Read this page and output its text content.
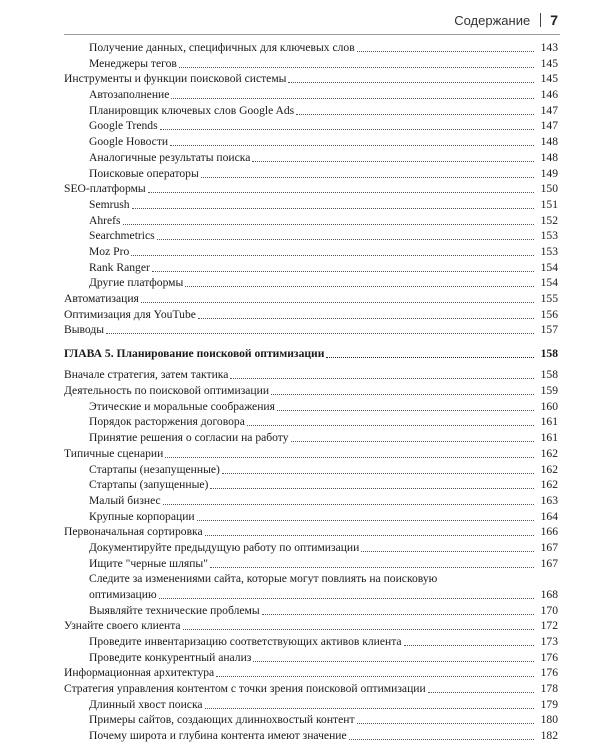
Содержание 7
Получение данных, специфичных для ключевых слов	143
Менеджеры тегов	145
Инструменты и функции поисковой системы	145
Автозаполнение	146
Планировщик ключевых слов Google Ads	147
Google Trends	147
Google Новости	148
Аналогичные результаты поиска	148
Поисковые операторы	149
SEO-платформы	150
Semrush	151
Ahrefs	152
Searchmetrics	153
Moz Pro	153
Rank Ranger	154
Другие платформы	154
Автоматизация	155
Оптимизация для YouTube	156
Выводы	157
ГЛАВА 5. Планирование поисковой оптимизации	158
Вначале стратегия, затем тактика	158
Деятельность по поисковой оптимизации	159
Этические и моральные соображения	160
Порядок расторжения договора	161
Принятие решения о согласии на работу	161
Типичные сценарии	162
Стартапы (незапущенные)	162
Стартапы (запущенные)	162
Малый бизнес	163
Крупные корпорации	164
Первоначальная сортировка	166
Документируйте предыдущую работу по оптимизации	167
Ищите "черные шляпы"	167
Следите за изменениями сайта, которые могут повлиять на поисковую
оптимизацию	168
Выявляйте технические проблемы	170
Узнайте своего клиента	172
Проведите инвентаризацию соответствующих активов клиента	173
Проведите конкурентный анализ	176
Информационная архитектура	176
Стратегия управления контентом с точки зрения поисковой оптимизации	178
Длинный хвост поиска	179
Примеры сайтов, создающих длиннохвостый контент	180
Почему широта и глубина контента имеют значение	182
